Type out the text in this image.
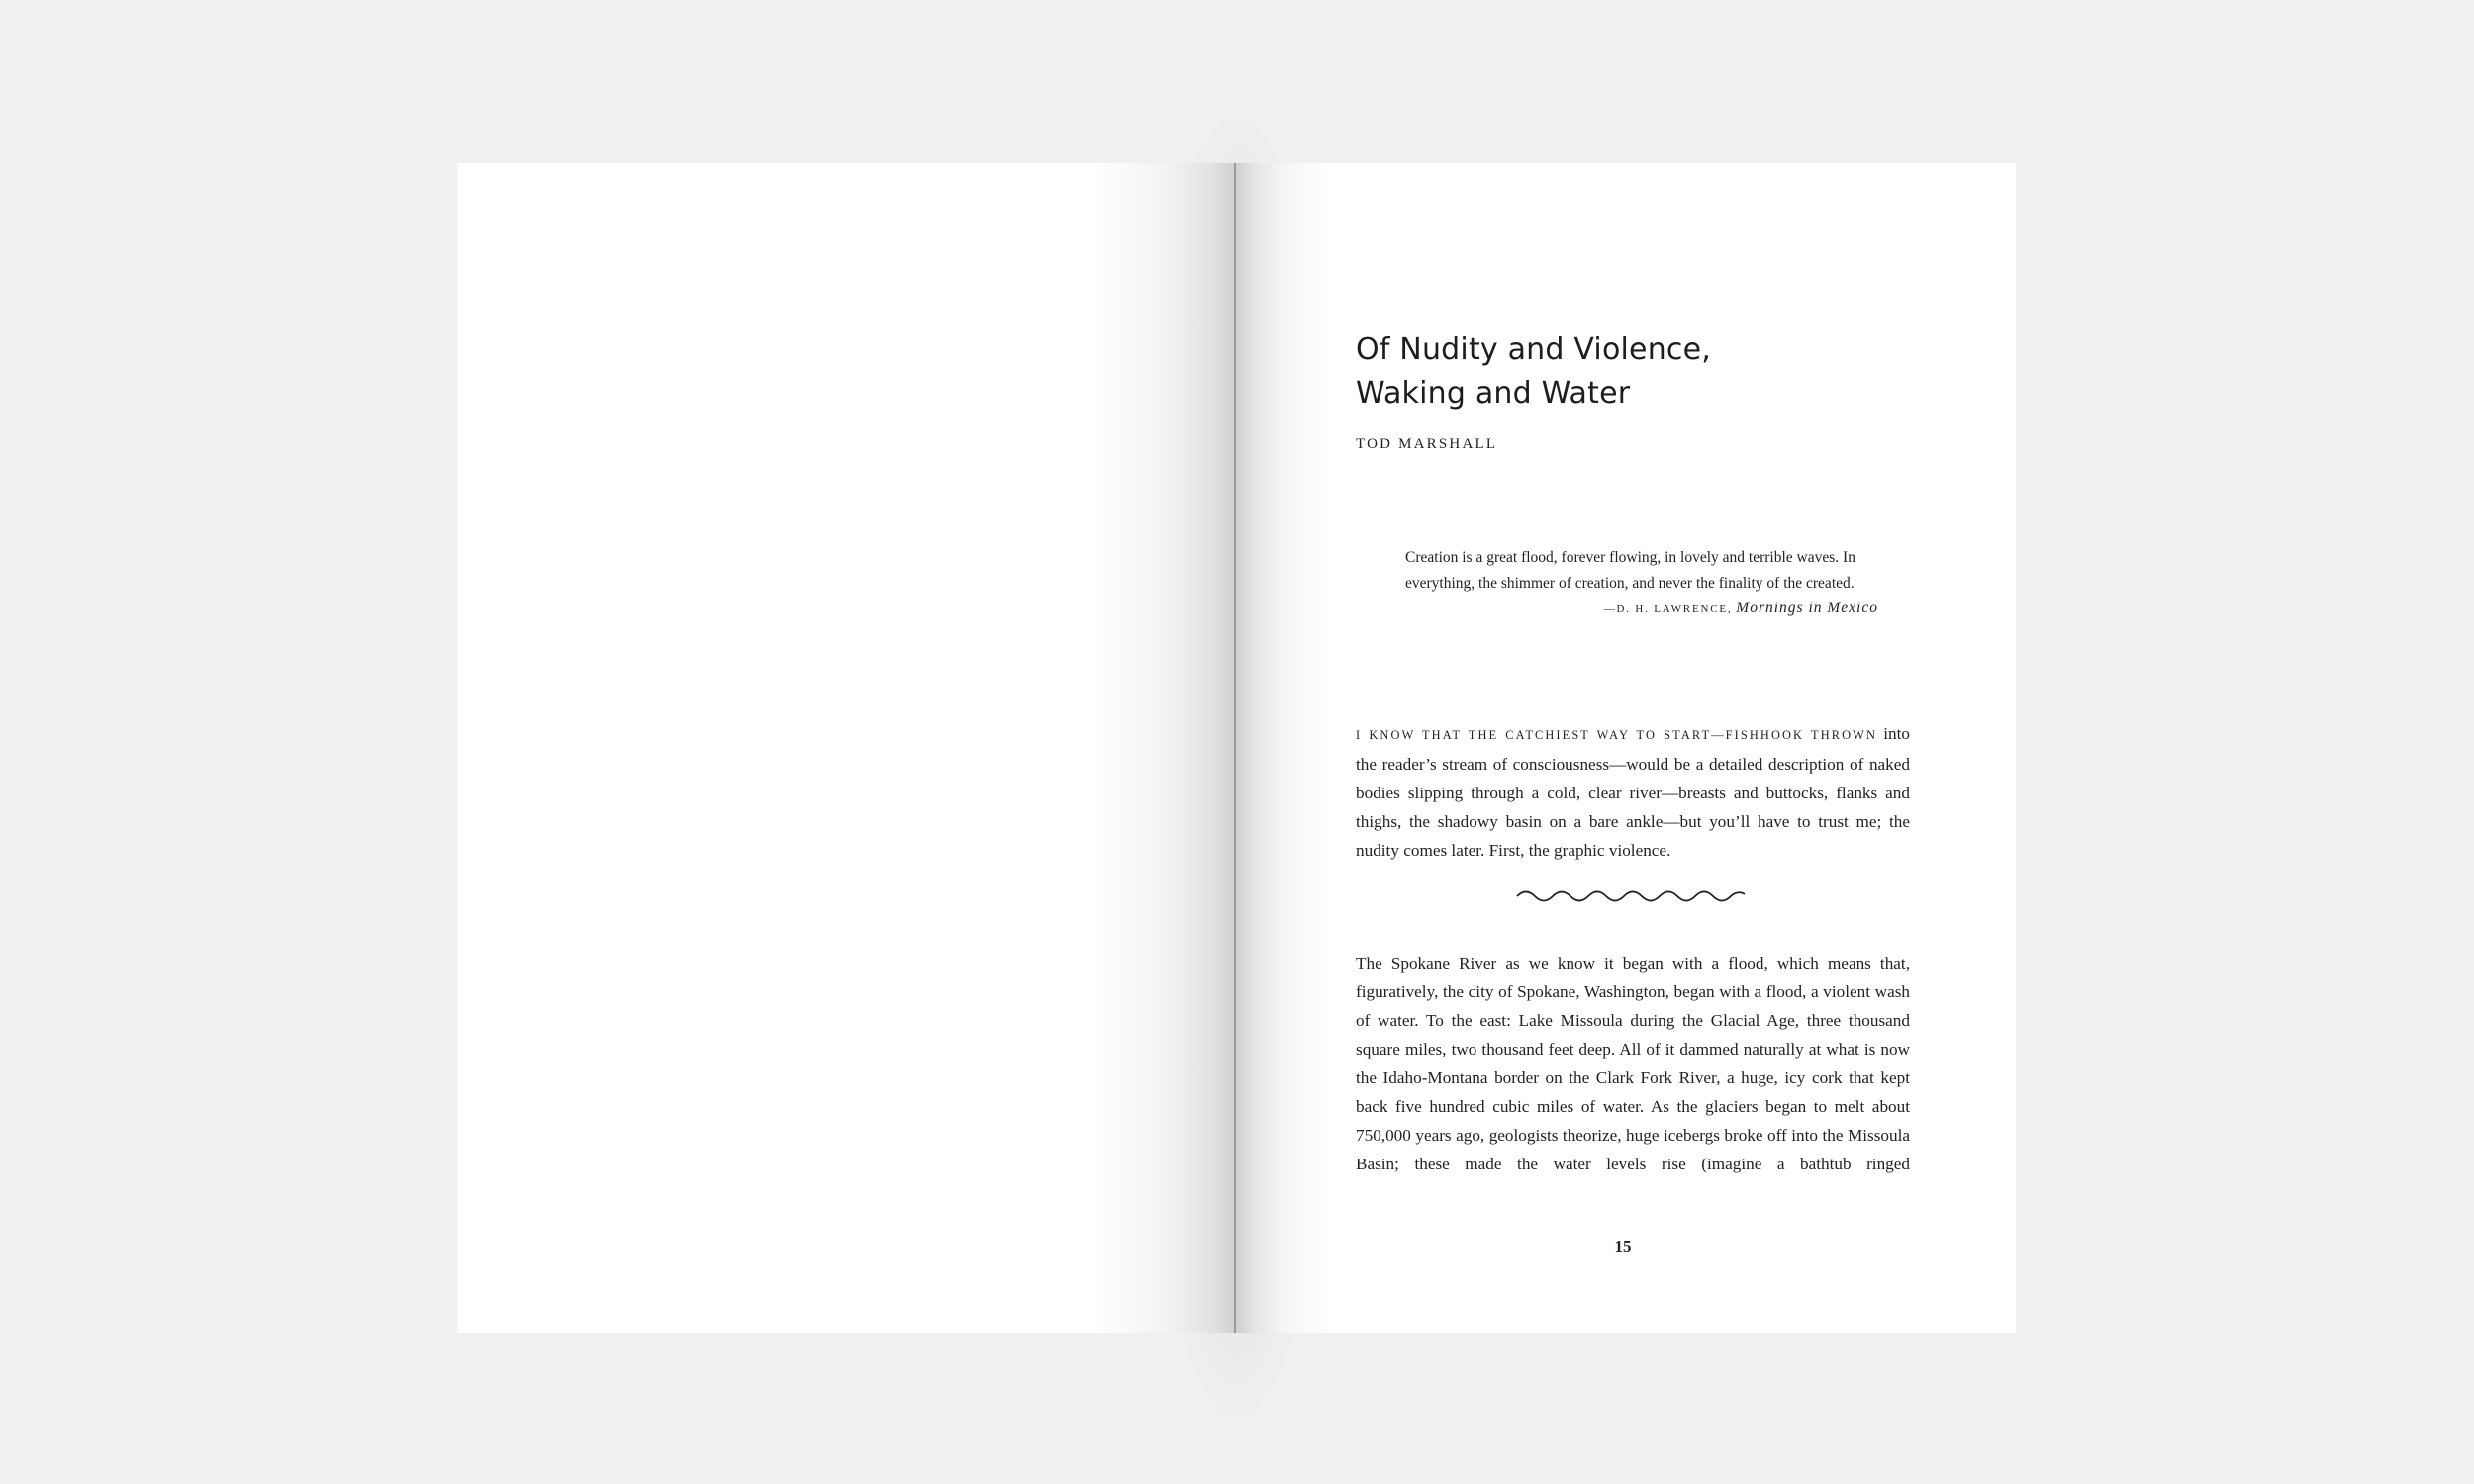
Of Nudity and Violence,
Waking and Water
TOD MARSHALL
Creation is a great flood, forever flowing, in lovely and terrible waves. In everything, the shimmer of creation, and never the finality of the created.
—D. H. LAWRENCE, Mornings in Mexico

I KNOW THAT THE CATCHIEST WAY TO START—FISHHOOK THROWN into the reader’s stream of consciousness—would be a detailed description of naked bodies slipping through a cold, clear river—breasts and buttocks, flanks and thighs, the shadowy basin on a bare ankle—but you’ll have to trust me; the nudity comes later. First, the graphic violence.

The Spokane River as we know it began with a flood, which means that, figuratively, the city of Spokane, Washington, began with a flood, a violent wash of water. To the east: Lake Missoula during the Glacial Age, three thousand square miles, two thousand feet deep. All of it dammed naturally at what is now the Idaho-Montana border on the Clark Fork River, a huge, icy cork that kept back five hundred cubic miles of water. As the glaciers began to melt about 750,000 years ago, geologists theorize, huge icebergs broke off into the Missoula Basin; these made the water levels rise (imagine a bathtub ringed

15
